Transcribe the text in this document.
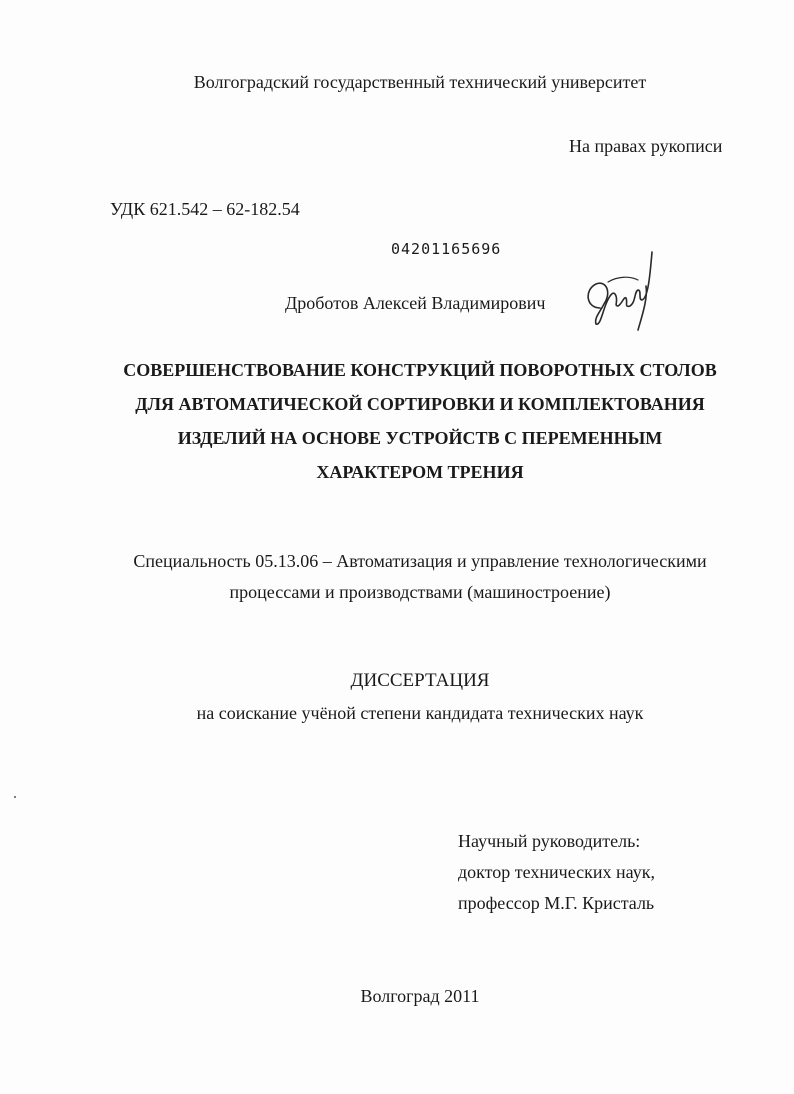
Волгоградский государственный технический университет
На правах рукописи
УДК 621.542 – 62-182.54
04201165696
Дроботов Алексей Владимирович
СОВЕРШЕНСТВОВАНИЕ КОНСТРУКЦИЙ ПОВОРОТНЫХ СТОЛОВ
ДЛЯ АВТОМАТИЧЕСКОЙ СОРТИРОВКИ И КОМПЛЕКТОВАНИЯ
ИЗДЕЛИЙ НА ОСНОВЕ УСТРОЙСТВ С ПЕРЕМЕННЫМ
ХАРАКТЕРОМ ТРЕНИЯ
Специальность 05.13.06 – Автоматизация и управление технологическими
процессами и производствами (машиностроение)
ДИССЕРТАЦИЯ
на соискание учёной степени кандидата технических наук
Научный руководитель:
доктор технических наук,
профессор М.Г. Кристаль
Волгоград 2011
